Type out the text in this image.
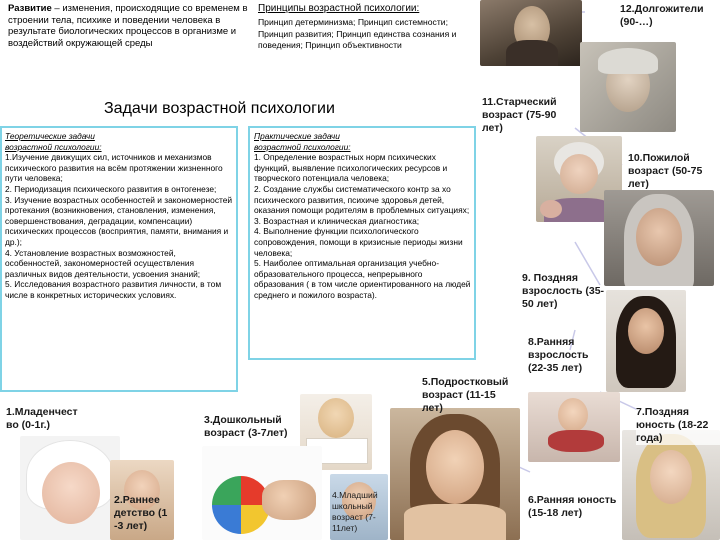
Развитие – изменения, происходящие со временем в строении тела, психике и поведении человека в результате биологических процессов в организме и воздействий окружающей среды
Принципы возрастной психологии:
Принцип детерминизма; Принцип системности; Принцип развития; Принцип единства сознания и поведения; Принцип объективности
12.Долгожители (90-…)
Задачи возрастной психологии	11.Старческий возраст (75-90 лет)
Теоретические задачи
возрастной психологии:
1.Изучение движущих сил, источников и механизмов психического развития на всём протяжении жизненного пути человека;
2. Периодизация психического развития в онтогенезе;
3. Изучение возрастных особенностей и закономерностей протекания (возникновения, становления, изменения, совершенствования, деградации, компенсации) психических процессов (восприятия, памяти, внимания и др.);
4. Установление возрастных возможностей, особенностей, закономерностей осуществления различных видов деятельности, усвоения знаний;
5. Исследования возрастного развития личности, в том числе в конкретных исторических условиях.
Практические задачи
возрастной психологии:
1. Определение возрастных норм психических функций, выявление психологических ресурсов и творческого потенциала человека;
2. Создание службы систематического контр за хо психического развития, психиче здоровья детей, оказания помощи родителям в проблемных ситуациях;
3. Возрастная и клиническая диагностика;
4. Выполнение функции психологического сопровождения, помощи в кризисные периоды жизни человека;
5. Наиболее оптимальная организация учебно-образовательного процесса, непрерывного образования ( в том числе ориентированного на людей среднего и пожилого возраста).
10.Пожилой возраст (50-75 лет)
9. Поздняя взрослость (35-50 лет)
8.Ранняя взрослость (22-35 лет)
1.Младенчест во (0-1г.)
2.Раннее детство (1 -3 лет)
3.Дошкольный возраст (3-7лет)
4.Младший школьный возраст (7-11лет)
5.Подростковый возраст (11-15 лет)
6.Ранняя юность (15-18 лет)
7.Поздняя юность (18-22 года)
